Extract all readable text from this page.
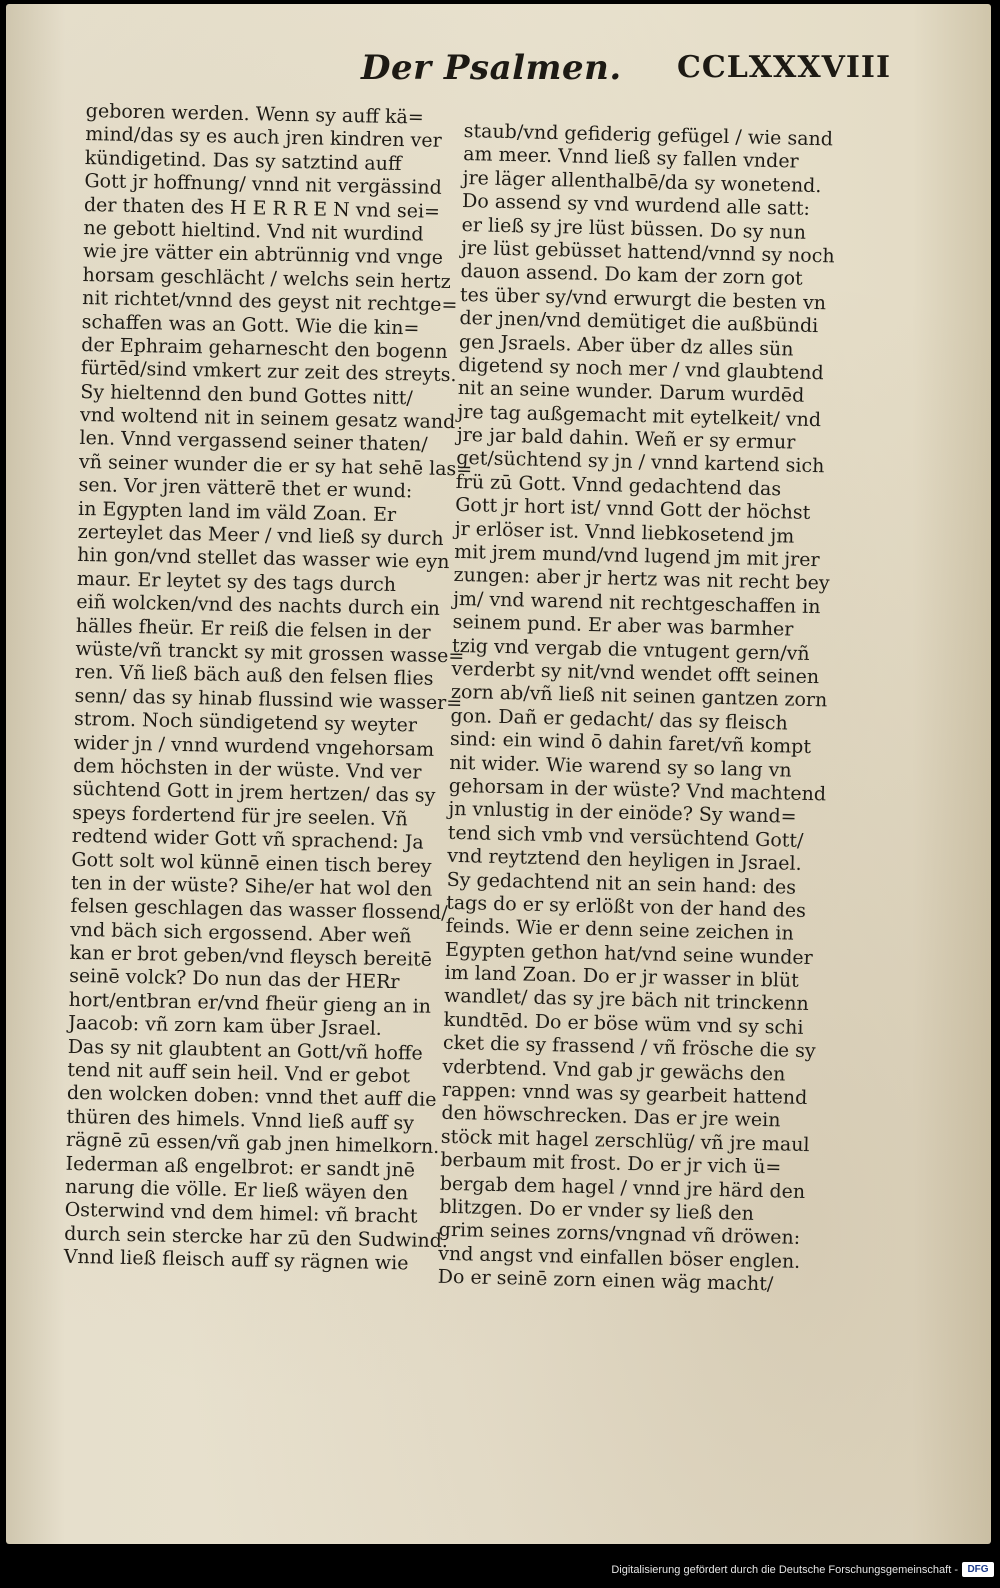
Der Psalmen. CCLXXXVIII
geboren werden. Wenn sy auff kä=
mind/das sy es auch jren kindren ver
kündigetind. Das sy satztind auff
Gott jr hoffnung/ vnnd nit vergässind
der thaten des H E R R E N vnd sei=
ne gebott hieltind. Vnd nit wurdind
wie jre vätter ein abtrünnig vnd vnge
horsam geschlächt / welchs sein hertz
nit richtet/vnnd des geyst nit rechtge=
schaffen was an Gott. Wie die kin=
der Ephraim geharnescht den bogenn
fürtēd/sind vmkert zur zeit des streyts.
Sy hieltennd den bund Gottes nitt/
vnd woltend nit in seinem gesatz wand
len. Vnnd vergassend seiner thaten/
vñ seiner wunder die er sy hat sehē las=
sen. Vor jren vätterē thet er wund:
in Egypten land im väld Zoan. Er
zerteylet das Meer / vnd ließ sy durch
hin gon/vnd stellet das wasser wie eyn
maur. Er leytet sy des tags durch
eiñ wolcken/vnd des nachts durch ein
hälles fheür. Er reiß die felsen in der
wüste/vñ tranckt sy mit grossen wasse=
ren. Vñ ließ bäch auß den felsen flies
senn/ das sy hinab flussind wie wasser=
strom. Noch sündigetend sy weyter
wider jn / vnnd wurdend vngehorsam
dem höchsten in der wüste. Vnd ver
süchtend Gott in jrem hertzen/ das sy
speys fordertend für jre seelen. Vñ
redtend wider Gott vñ sprachend: Ja
Gott solt wol künnē einen tisch berey
ten in der wüste? Sihe/er hat wol den
felsen geschlagen das wasser flossend/
vnd bäch sich ergossend. Aber weñ
kan er brot geben/vnd fleysch bereitē
seinē volck? Do nun das der HERr
hort/entbran er/vnd fheür gieng an in
Jaacob: vñ zorn kam über Jsrael.
Das sy nit glaubtent an Gott/vñ hoffe
tend nit auff sein heil. Vnd er gebot
den wolcken doben: vnnd thet auff die
thüren des himels. Vnnd ließ auff sy
rägnē zū essen/vñ gab jnen himelkorn.
Iederman aß engelbrot: er sandt jnē
narung die völle. Er ließ wäyen den
Osterwind vnd dem himel: vñ bracht
durch sein stercke har zū den Sudwind.
Vnnd ließ fleisch auff sy rägnen wie
staub/vnd gefiderig gefügel / wie sand
am meer. Vnnd ließ sy fallen vnder
jre läger allenthalbē/da sy wonetend.
Do assend sy vnd wurdend alle satt:
er ließ sy jre lüst büssen. Do sy nun
jre lüst gebüsset hattend/vnnd sy noch
dauon assend. Do kam der zorn got
tes über sy/vnd erwurgt die besten vn
der jnen/vnd demütiget die außbündi
gen Jsraels. Aber über dz alles sün
digetend sy noch mer / vnd glaubtend
nit an seine wunder. Darum wurdēd
jre tag außgemacht mit eytelkeit/ vnd
jre jar bald dahin. Weñ er sy ermur
get/süchtend sy jn / vnnd kartend sich
frü zū Gott. Vnnd gedachtend das
Gott jr hort ist/ vnnd Gott der höchst
jr erlöser ist. Vnnd liebkosetend jm
mit jrem mund/vnd lugend jm mit jrer
zungen: aber jr hertz was nit recht bey
jm/ vnd warend nit rechtgeschaffen in
seinem pund. Er aber was barmher
tzig vnd vergab die vntugent gern/vñ
verderbt sy nit/vnd wendet offt seinen
zorn ab/vñ ließ nit seinen gantzen zorn
gon. Dañ er gedacht/ das sy fleisch
sind: ein wind ō dahin faret/vñ kompt
nit wider. Wie warend sy so lang vn
gehorsam in der wüste? Vnd machtend
jn vnlustig in der einöde? Sy wand=
tend sich vmb vnd versüchtend Gott/
vnd reytztend den heyligen in Jsrael.
Sy gedachtend nit an sein hand: des
tags do er sy erlößt von der hand des
feinds. Wie er denn seine zeichen in
Egypten gethon hat/vnd seine wunder
im land Zoan. Do er jr wasser in blüt
wandlet/ das sy jre bäch nit trinckenn
kundtēd. Do er böse wüm vnd sy schi
cket die sy frassend / vñ frösche die sy
vderbtend. Vnd gab jr gewächs den
rappen: vnnd was sy gearbeit hattend
den höwschrecken. Das er jre wein
stöck mit hagel zerschlüg/ vñ jre maul
berbaum mit frost. Do er jr vich ü=
bergab dem hagel / vnnd jre härd den
blitzgen. Do er vnder sy ließ den
grim seines zorns/vngnad vñ dröwen:
vnd angst vnd einfallen böser englen.
Do er seinē zorn einen wäg macht/
Digitalisierung gefördert durch die Deutsche Forschungsgemeinschaft - DFG
